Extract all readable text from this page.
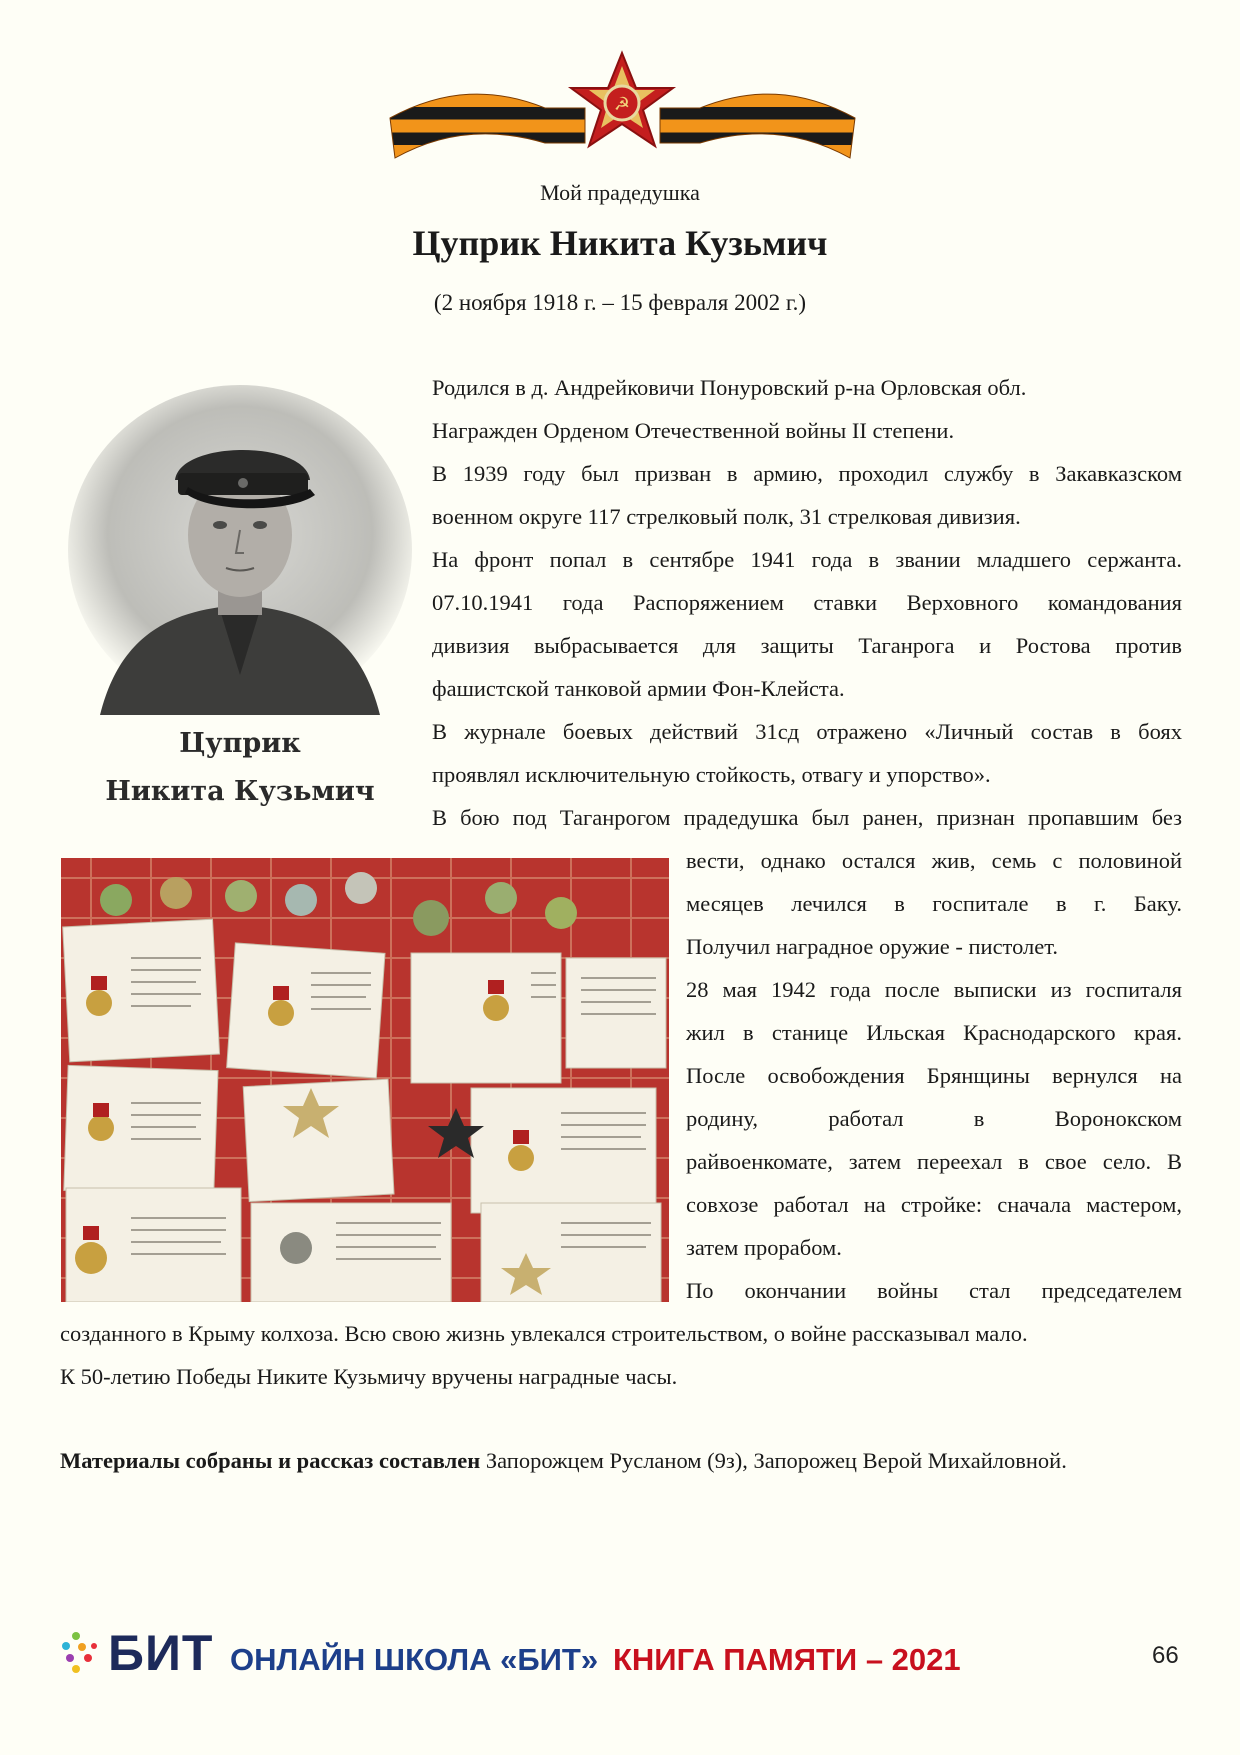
☭
Мой прадедушка
Цуприк Никита Кузьмич
(2 ноября 1918 г. – 15 февраля 2002 г.)
Цуприк
Никита Кузьмич
Родился в д. Андрейковичи Понуровский р-на Орловская обл.
Награжден Орденом Отечественной войны II степени.
В 1939 году был призван в армию, проходил службу в Закавказском
военном округе 117 стрелковый полк, 31 стрелковая дивизия.
На фронт попал в сентябре 1941 года в звании младшего сержанта.
07.10.1941 года Распоряжением ставки Верховного командования
дивизия выбрасывается для защиты Таганрога и Ростова против
фашистской танковой армии Фон-Клейста.
В журнале боевых действий 31сд отражено «Личный состав в боях
проявлял исключительную стойкость, отвагу и упорство».
В бою под Таганрогом прадедушка был ранен, признан пропавшим без
вести, однако остался жив, семь с половиной
месяцев лечился в госпитале в г. Баку.
Получил наградное оружие - пистолет.
28 мая 1942 года после выписки из госпиталя
жил в станице Ильская Краснодарского края.
После освобождения Брянщины вернулся на
родину, работал в Воронокском
райвоенкомате, затем переехал в свое село. В
совхозе работал на стройке: сначала мастером,
затем прорабом.
По окончании войны стал председателем
созданного в Крыму колхоза. Всю свою жизнь увлекался строительством, о войне рассказывал мало.
К 50-летию Победы Никите Кузьмичу вручены наградные часы.
Материалы собраны и рассказ составлен Запорожцем Русланом (9з), Запорожец Верой Михайловной.
БИТ ОНЛАЙН ШКОЛА «БИТ» КНИГА ПАМЯТИ – 2021	66
